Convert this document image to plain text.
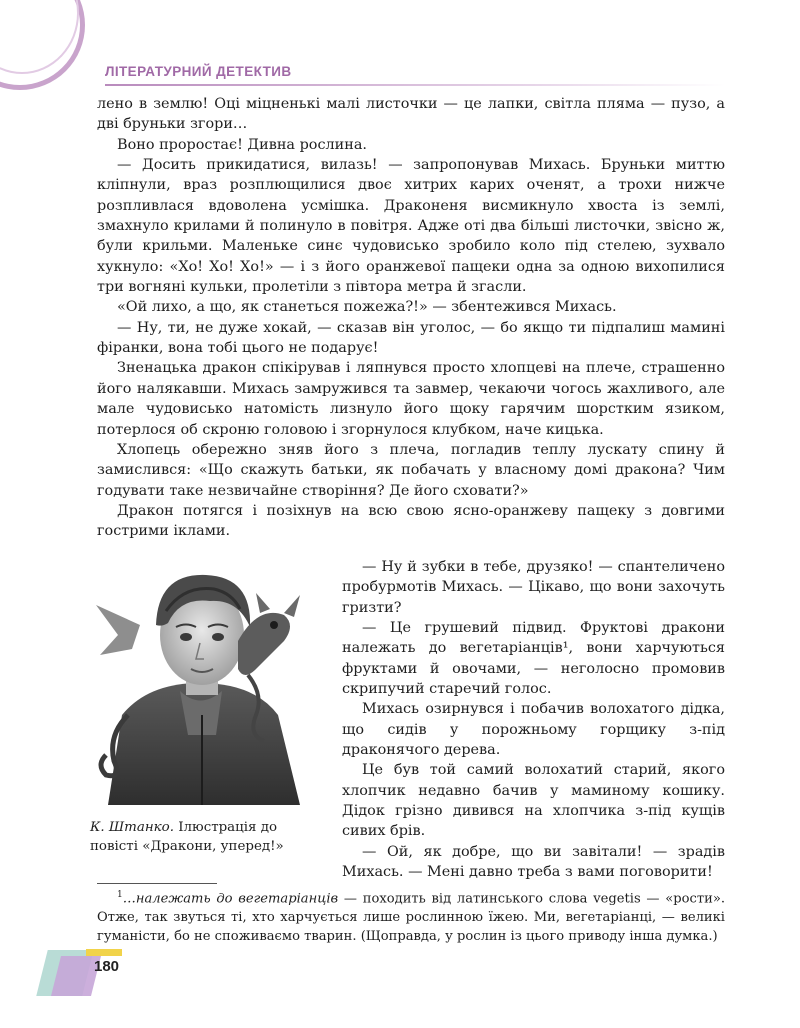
ЛІТЕРАТУРНИЙ ДЕТЕКТИВ

лено в землю! Оці міцненькі малі листочки — це лапки, світла пляма — пузо, а дві бруньки згори…

Воно проростає! Дивна рослина.

— Досить прикидатися, вилазь! — запропонував Михась. Бруньки миттю кліпнули, враз розплющилися двоє хитрих карих оченят, а трохи нижче розпливлася вдоволена усмішка. Драконеня висмикнуло хвоста із землі, змахнуло крилами й полинуло в повітря. Адже оті два більші листочки, звісно ж, були крильми. Маленьке синє чудовисько зробило коло під стелею, зухвало хукнуло: «Хо! Хо! Хо!» — і з його оранжевої пащеки одна за одною вихопилися три вогняні кульки, пролетіли з півтора метра й згасли.

«Ой лихо, а що, як станеться пожежа?!» — збентежився Михась.

— Ну, ти, не дуже хокай, — сказав він уголос, — бо якщо ти підпалиш мамині фіранки, вона тобі цього не подарує!

Зненацька дракон спікірував і ляпнувся просто хлопцеві на плече, страшенно його налякавши. Михась замружився та завмер, чекаючи чогось жахливого, але мале чудовисько натомість лизнуло його щоку гарячим шорстким язиком, потерлося об скроню головою і згорнулося клубком, наче кицька.

Хлопець обережно зняв його з плеча, погладив теплу лускату спину й замислився: «Що скажуть батьки, як побачать у власному домі дракона? Чим годувати таке незвичайне створіння? Де його сховати?»

Дракон потягся і позіхнув на всю свою ясно-оранжеву пащеку з довгими гострими іклами.

— Ну й зубки в тебе, друзяко! — спантеличено пробурмотів Михась. — Цікаво, що вони захочуть гризти?

— Це грушевий підвид. Фруктові дракони належать до вегетаріанців¹, вони харчуються фруктами й овочами, — неголосно промовив скрипучий старечий голос.

Михась озирнувся і побачив волохатого дідка, що сидів у порожньому горщику з-під драконячого дерева.

Це був той самий волохатий старий, якого хлопчик недавно бачив у маминому кошику. Дідок грізно дивився на хлопчика з-під кущів сивих брів.

— Ой, як добре, що ви завітали! — зрадів Михась. — Мені давно треба з вами поговорити!

К. Штанко. Ілюстрація до повісті «Дракони, уперед!»

$^1$…належать до вегетаріанців — походить від латинського слова vegetis — «рости». Отже, так звуться ті, хто харчується лише рослинною їжею. Ми, вегетаріанці, — великі гуманісти, бо не споживаємо тварин. (Щоправда, у рослин із цього приводу інша думка.)

180
